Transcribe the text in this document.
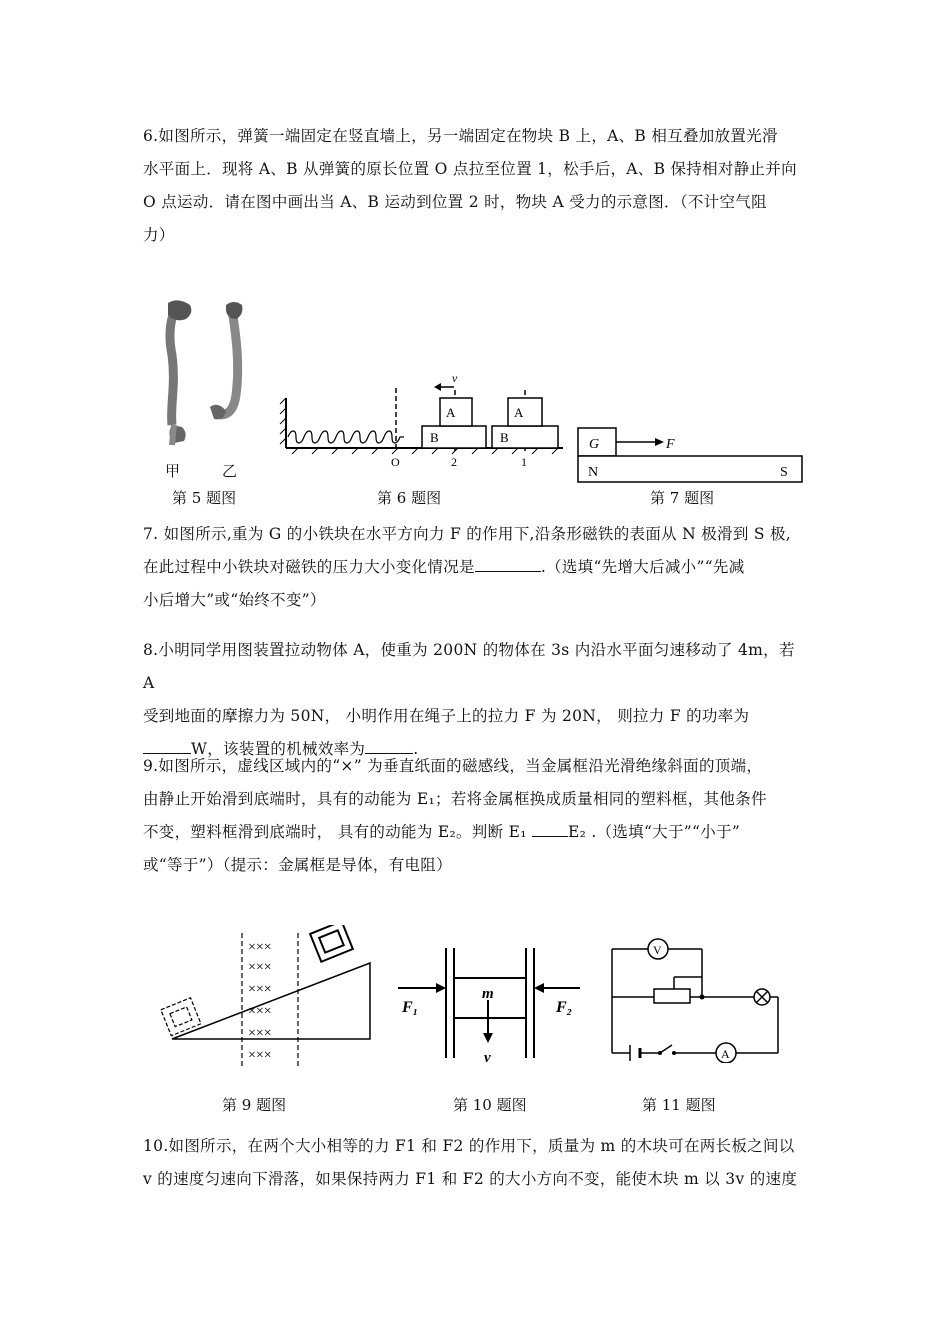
6.如图所示，弹簧一端固定在竖直墙上，另一端固定在物块 B 上，A、B 相互叠加放置光滑
水平面上．现将 A、B 从弹簧的原长位置 O 点拉至位置 1，松手后，A、B 保持相对静止并向
O 点运动．请在图中画出当 A、B 运动到位置 2 时，物块 A 受力的示意图．（不计空气阻
力）
甲	乙
第 5 题图
v
A
B
A
B
O	2	1
第 6 题图
G	F
N	S
第 7 题图
7. 如图所示,重为 G 的小铁块在水平方向力 F 的作用下,沿条形磁铁的表面从 N 极滑到 S 极,
在此过程中小铁块对磁铁的压力大小变化情况是	.（选填“先增大后减小”“先减
小后增大”或“始终不变”）
8.小明同学用图装置拉动物体 A，使重为 200N 的物体在 3s 内沿水平面匀速移动了 4m，若 A
受到地面的摩擦力为 50N， 小明作用在绳子上的拉力 F 为 20N， 则拉力 F 的功率为
W，该装置的机械效率为	.
9.如图所示，虚线区域内的“×” 为垂直纸面的磁感线，当金属框沿光滑绝缘斜面的顶端，
由静止开始滑到底端时，具有的动能为 E₁；若将金属框换成质量相同的塑料框，其他条件
不变，塑料框滑到底端时， 具有的动能为 E₂。判断 E₁ E₂ .（选填“大于”“小于”
或“等于”）（提示：金属框是导体，有电阻）
×××
×××
×××
×××
×××
×××
第 9 题图
F₁	F₂
m
v
第 10 题图
V
A
第 11 题图
10.如图所示，在两个大小相等的力 F1 和 F2 的作用下，质量为 m 的木块可在两长板之间以
v 的速度匀速向下滑落，如果保持两力 F1 和 F2 的大小方向不变，能使木块 m 以 3v 的速度
